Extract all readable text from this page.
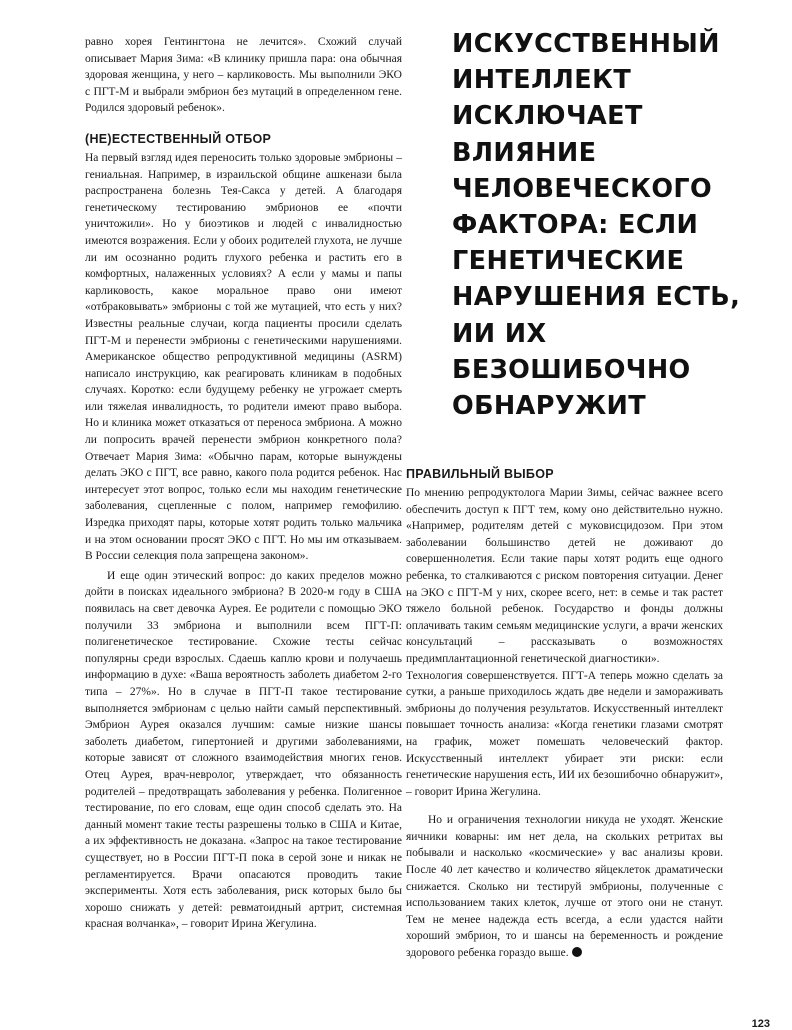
равно хорея Гентингтона не лечится». Схожий случай описывает Мария Зима: «В клинику пришла пара: она обычная здоровая женщина, у него – карликовость. Мы выполнили ЭКО с ПГТ-М и выбрали эмбрион без мутаций в определенном гене. Родился здоровый ребенок».

(НЕ)ЕСТЕСТВЕННЫЙ ОТБОР

На первый взгляд идея переносить только здоровые эмбрионы – гениальная. Например, в израильской общине ашкенази была распространена болезнь Тея-Сакса у детей. А благодаря генетическому тестированию эмбрионов ее «почти уничтожили». Но у биоэтиков и людей с инвалидностью имеются возражения. Если у обоих родителей глухота, не лучше ли им осознанно родить глухого ребенка и растить его в комфортных, налаженных условиях? А если у мамы и папы карликовость, какое моральное право они имеют «отбраковывать» эмбрионы с той же мутацией, что есть у них? Известны реальные случаи, когда пациенты просили сделать ПГТ-М и перенести эмбрионы с генетическими нарушениями. Американское общество репродуктивной медицины (ASRM) написало инструкцию, как реагировать клиникам в подобных случаях. Коротко: если будущему ребенку не угрожает смерть или тяжелая инвалидность, то родители имеют право выбора. Но и клиника может отказаться от переноса эмбриона. А можно ли попросить врачей перенести эмбрион конкретного пола? Отвечает Мария Зима: «Обычно парам, которые вынуждены делать ЭКО с ПГТ, все равно, какого пола родится ребенок. Нас интересует этот вопрос, только если мы находим генетические заболевания, сцепленные с полом, например гемофилию. Изредка приходят пары, которые хотят родить только мальчика и на этом основании просят ЭКО с ПГТ. Но мы им отказываем. В России селекция пола запрещена законом».

И еще один этический вопрос: до каких пределов можно дойти в поисках идеального эмбриона? В 2020-м году в США появилась на свет девочка Аурея. Ее родители с помощью ЭКО получили 33 эмбриона и выполнили всем ПГТ-П: полигенетическое тестирование. Схожие тесты сейчас популярны среди взрослых. Сдаешь каплю крови и получаешь информацию в духе: «Ваша вероятность заболеть диабетом 2-го типа – 27%». Но в случае в ПГТ-П такое тестирование выполняется эмбрионам с целью найти самый перспективный. Эмбрион Аурея оказался лучшим: самые низкие шансы заболеть диабетом, гипертонией и другими заболеваниями, которые зависят от сложного взаимодействия многих генов. Отец Аурея, врач-невролог, утверждает, что обязанность родителей – предотвращать заболевания у ребенка. Полигенное тестирование, по его словам, еще один способ сделать это. На данный момент такие тесты разрешены только в США и Китае, а их эффективность не доказана. «Запрос на такое тестирование существует, но в России ПГТ-П пока в серой зоне и никак не регламентируется. Врачи опасаются проводить такие эксперименты. Хотя есть заболевания, риск которых было бы хорошо снижать у детей: ревматоидный артрит, системная красная волчанка», – говорит Ирина Жегулина.

ИСКУССТВЕННЫЙ ИНТЕЛЛЕКТ ИСКЛЮЧАЕТ ВЛИЯНИЕ ЧЕЛОВЕЧЕСКОГО ФАКТОРА: ЕСЛИ ГЕНЕТИЧЕСКИЕ НАРУШЕНИЯ ЕСТЬ, ИИ ИХ БЕЗОШИБОЧНО ОБНАРУЖИТ
ПРАВИЛЬНЫЙ ВЫБОР

По мнению репродуктолога Марии Зимы, сейчас важнее всего обеспечить доступ к ПГТ тем, кому оно действительно нужно. «Например, родителям детей с муковисцидозом. При этом заболевании большинство детей не доживают до совершеннолетия. Если такие пары хотят родить еще одного ребенка, то сталкиваются с риском повторения ситуации. Денег на ЭКО с ПГТ-М у них, скорее всего, нет: в семье и так растет тяжело больной ребенок. Государство и фонды должны оплачивать таким семьям медицинские услуги, а врачи женских консультаций – рассказывать о возможностях предимплантационной генетической диагностики».

Технология совершенствуется. ПГТ-А теперь можно сделать за сутки, а раньше приходилось ждать две недели и замораживать эмбрионы до получения результатов. Искусственный интеллект повышает точность анализа: «Когда генетики глазами смотрят на график, может помешать человеческий фактор. Искусственный интеллект убирает эти риски: если генетические нарушения есть, ИИ их безошибочно обнаружит», – говорит Ирина Жегулина.

Но и ограничения технологии никуда не уходят. Женские яичники коварны: им нет дела, на скольких ретритах вы побывали и насколько «космические» у вас анализы крови. После 40 лет качество и количество яйцеклеток драматически снижается. Сколько ни тестируй эмбрионы, полученные с использованием таких клеток, лучше от этого они не станут. Тем не менее надежда есть всегда, а если удастся найти хороший эмбрион, то и шансы на беременность и рождение здорового ребенка гораздо выше.

123
